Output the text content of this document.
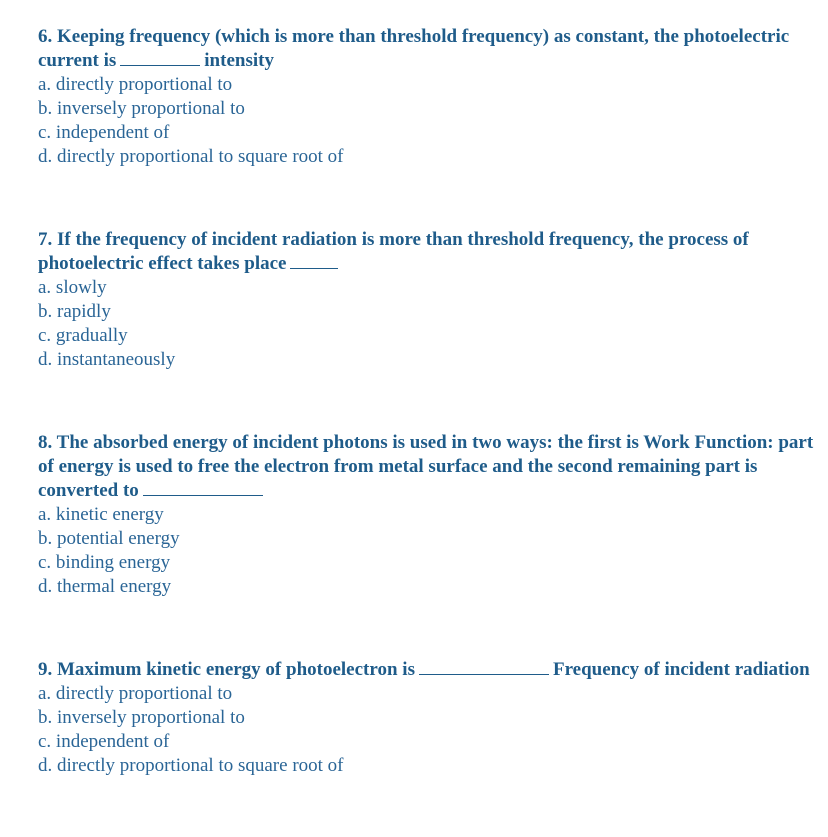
6. Keeping frequency (which is more than threshold frequency) as constant, the photoelectric current is	intensity

a. directly proportional to

b. inversely proportional to

c. independent of

d. directly proportional to square root of

7. If the frequency of incident radiation is more than threshold frequency, the process of photoelectric effect takes place

a. slowly

b. rapidly

c. gradually

d. instantaneously

8. The absorbed energy of incident photons is used in two ways: the first is Work Function: part of energy is used to free the electron from metal surface and the second remaining part is converted to

a. kinetic energy

b. potential energy

c. binding energy

d. thermal energy

9. Maximum kinetic energy of photoelectron is	Frequency of incident radiation

a. directly proportional to

b. inversely proportional to

c. independent of

d. directly proportional to square root of
